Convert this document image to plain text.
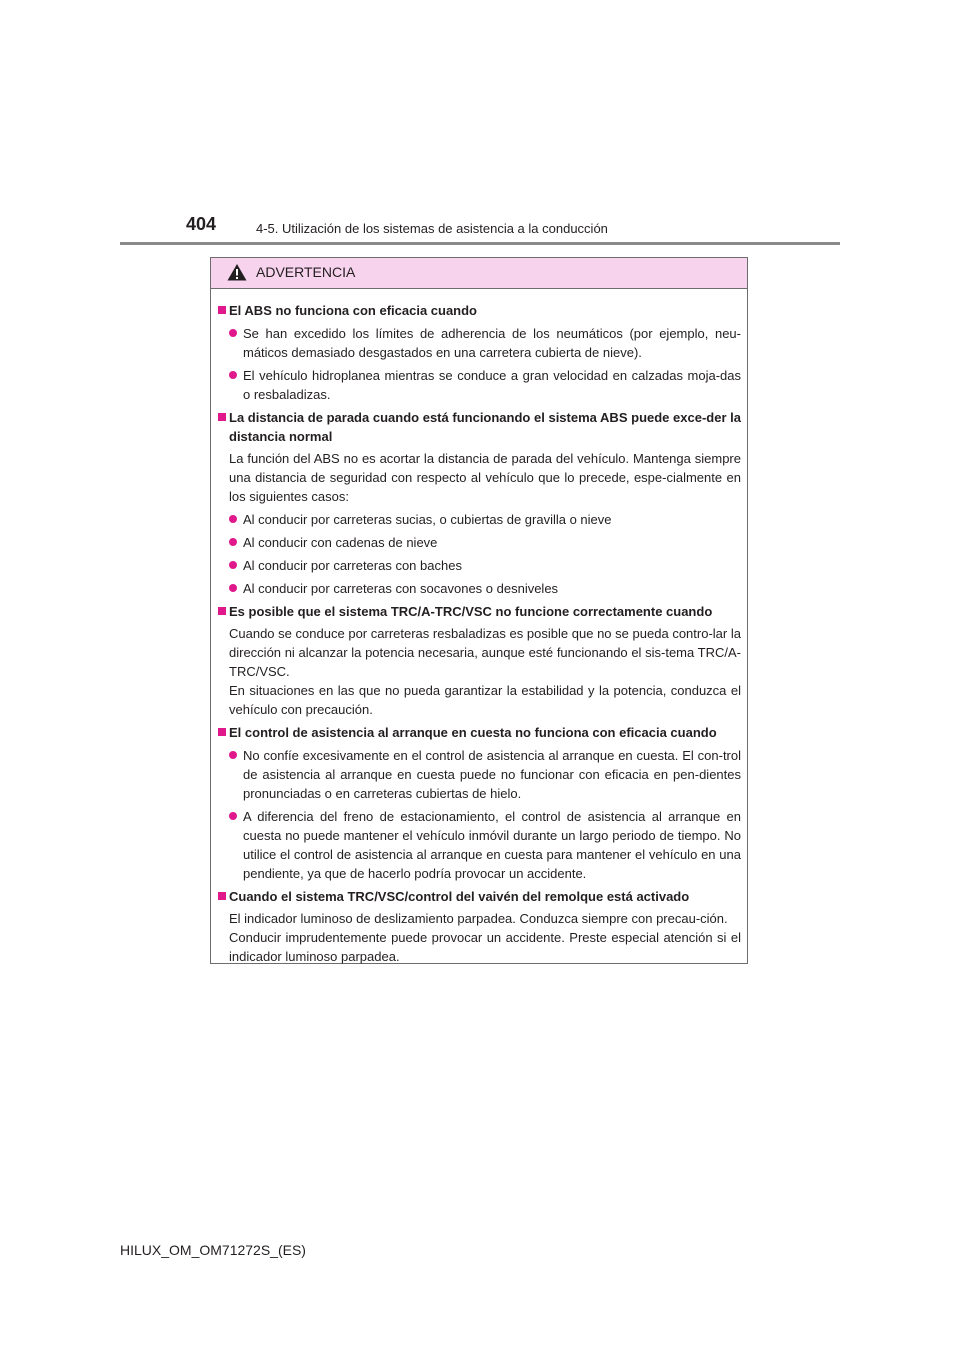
404	4-5. Utilización de los sistemas de asistencia a la conducción
ADVERTENCIA
El ABS no funciona con eficacia cuando
Se han excedido los límites de adherencia de los neumáticos (por ejemplo, neu-máticos demasiado desgastados en una carretera cubierta de nieve).
El vehículo hidroplanea mientras se conduce a gran velocidad en calzadas moja-das o resbaladizas.
La distancia de parada cuando está funcionando el sistema ABS puede exce-der la distancia normal
La función del ABS no es acortar la distancia de parada del vehículo. Mantenga siempre una distancia de seguridad con respecto al vehículo que lo precede, espe-cialmente en los siguientes casos:
Al conducir por carreteras sucias, o cubiertas de gravilla o nieve
Al conducir con cadenas de nieve
Al conducir por carreteras con baches
Al conducir por carreteras con socavones o desniveles
Es posible que el sistema TRC/A-TRC/VSC no funcione correctamente cuando
Cuando se conduce por carreteras resbaladizas es posible que no se pueda contro-lar la dirección ni alcanzar la potencia necesaria, aunque esté funcionando el sis-tema TRC/A-TRC/VSC.
En situaciones en las que no pueda garantizar la estabilidad y la potencia, conduzca el vehículo con precaución.
El control de asistencia al arranque en cuesta no funciona con eficacia cuando
No confíe excesivamente en el control de asistencia al arranque en cuesta. El con-trol de asistencia al arranque en cuesta puede no funcionar con eficacia en pen-dientes pronunciadas o en carreteras cubiertas de hielo.
A diferencia del freno de estacionamiento, el control de asistencia al arranque en cuesta no puede mantener el vehículo inmóvil durante un largo periodo de tiempo. No utilice el control de asistencia al arranque en cuesta para mantener el vehículo en una pendiente, ya que de hacerlo podría provocar un accidente.
Cuando el sistema TRC/VSC/control del vaivén del remolque está activado
El indicador luminoso de deslizamiento parpadea. Conduzca siempre con precau-ción.
Conducir imprudentemente puede provocar un accidente. Preste especial atención si el indicador luminoso parpadea.
HILUX_OM_OM71272S_(ES)
